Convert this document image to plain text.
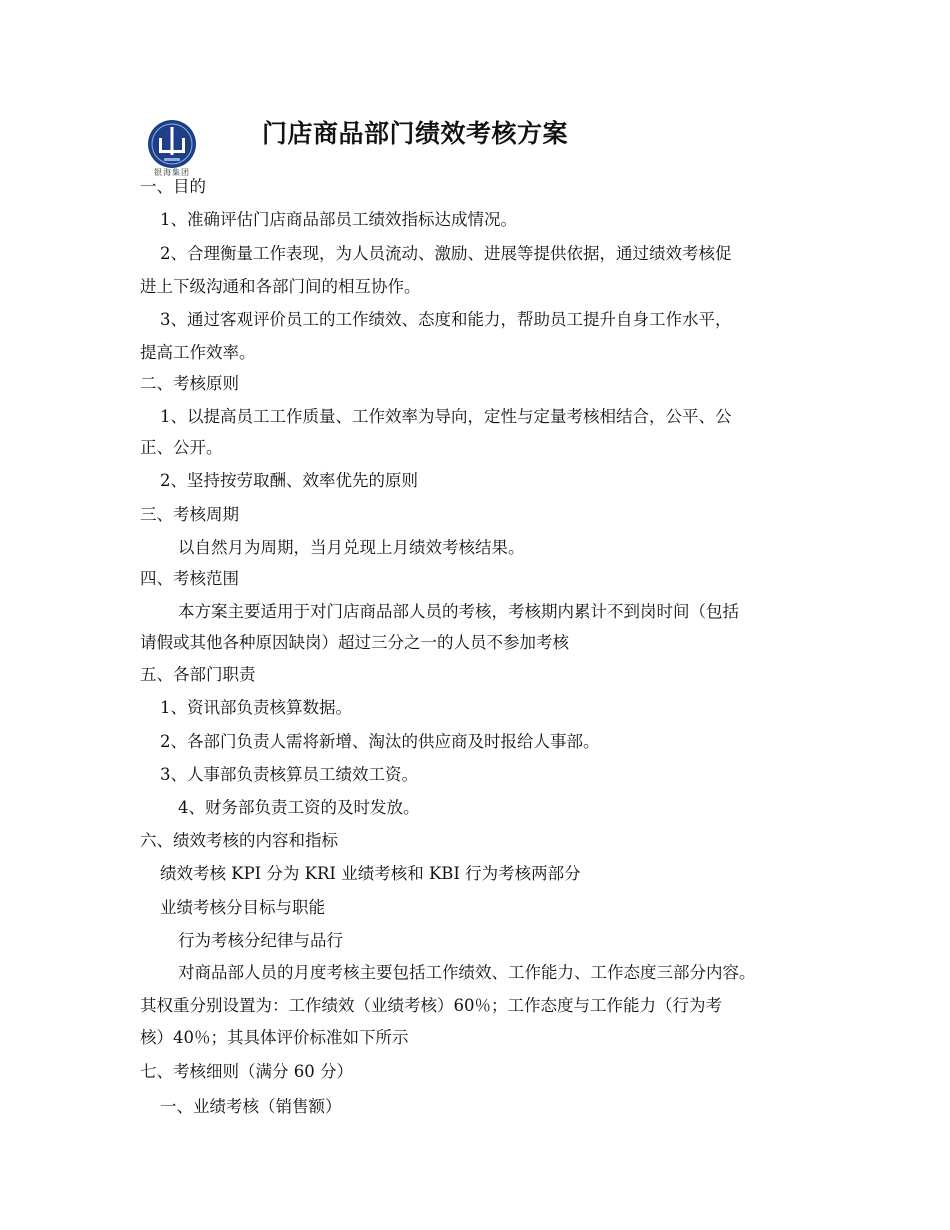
银海集团
门店商品部门绩效考核方案
一、目的
1、准确评估门店商品部员工绩效指标达成情况。
2、合理衡量工作表现，为人员流动、激励、进展等提供依据，通过绩效考核促
进上下级沟通和各部门间的相互协作。
3、通过客观评价员工的工作绩效、态度和能力，帮助员工提升自身工作水平，
提高工作效率。
二、考核原则
1、以提高员工工作质量、工作效率为导向，定性与定量考核相结合，公平、公
正、公开。
2、坚持按劳取酬、效率优先的原则
三、考核周期
以自然月为周期，当月兑现上月绩效考核结果。
四、考核范围
本方案主要适用于对门店商品部人员的考核，考核期内累计不到岗时间（包括
请假或其他各种原因缺岗）超过三分之一的人员不参加考核
五、各部门职责
1、资讯部负责核算数据。
2、各部门负责人需将新增、淘汰的供应商及时报给人事部。
3、人事部负责核算员工绩效工资。
4、财务部负责工资的及时发放。
六、绩效考核的内容和指标
绩效考核 KPI 分为 KRI 业绩考核和 KBI 行为考核两部分
业绩考核分目标与职能
行为考核分纪律与品行
对商品部人员的月度考核主要包括工作绩效、工作能力、工作态度三部分内容。
其权重分别设置为：工作绩效（业绩考核）60％；工作态度与工作能力（行为考
核）40％；其具体评价标准如下所示
七、考核细则（满分 60 分）
一、业绩考核（销售额）
